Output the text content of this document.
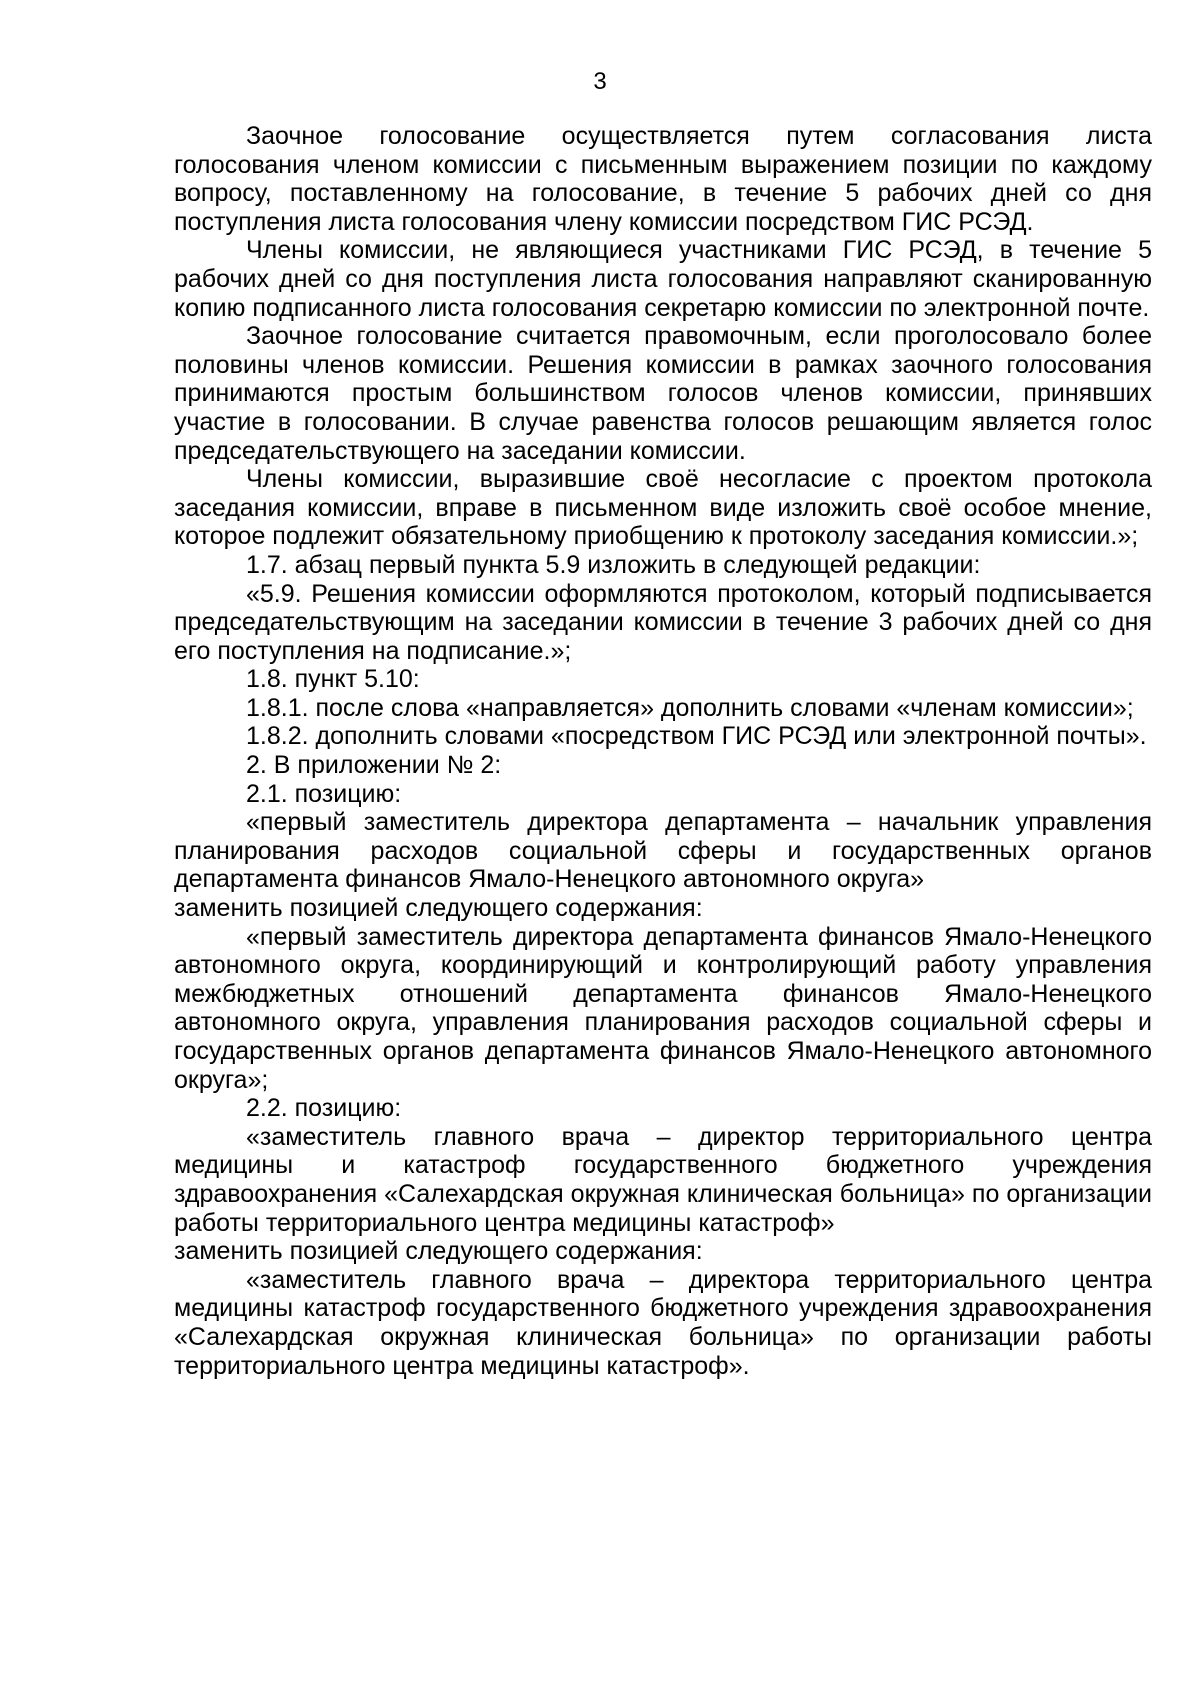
3

Заочное голосование осуществляется путем согласования листа голосования членом комиссии с письменным выражением позиции по каждому вопросу, поставленному на голосование, в течение 5 рабочих дней со дня поступления листа голосования члену комиссии посредством ГИС РСЭД.

Члены комиссии, не являющиеся участниками ГИС РСЭД, в течение 5 рабочих дней со дня поступления листа голосования направляют сканированную копию подписанного листа голосования секретарю комиссии по электронной почте.

Заочное голосование считается правомочным, если проголосовало более половины членов комиссии. Решения комиссии в рамках заочного голосования принимаются простым большинством голосов членов комиссии, принявших участие в голосовании. В случае равенства голосов решающим является голос председательствующего на заседании комиссии.

Члены комиссии, выразившие своё несогласие с проектом протокола заседания комиссии, вправе в письменном виде изложить своё особое мнение, которое подлежит обязательному приобщению к протоколу заседания комиссии.»;

1.7. абзац первый пункта 5.9 изложить в следующей редакции:

«5.9. Решения комиссии оформляются протоколом, который подписывается председательствующим на заседании комиссии в течение 3 рабочих дней со дня его поступления на подписание.»;

1.8. пункт 5.10:

1.8.1. после слова «направляется» дополнить словами «членам комиссии»;

1.8.2. дополнить словами «посредством ГИС РСЭД или электронной почты».

2. В приложении № 2:

2.1. позицию:

«первый заместитель директора департамента – начальник управления планирования расходов социальной сферы и государственных органов департамента финансов Ямало-Ненецкого автономного округа»

заменить позицией следующего содержания:

«первый заместитель директора департамента финансов Ямало-Ненецкого автономного округа, координирующий и контролирующий работу управления межбюджетных отношений департамента финансов Ямало-Ненецкого автономного округа, управления планирования расходов социальной сферы и государственных органов департамента финансов Ямало-Ненецкого автономного округа»;

2.2. позицию:

«заместитель главного врача – директор территориального центра медицины и катастроф государственного бюджетного учреждения здравоохранения «Салехардская окружная клиническая больница» по организации работы территориального центра медицины катастроф»

заменить позицией следующего содержания:

«заместитель главного врача – директора территориального центра медицины катастроф государственного бюджетного учреждения здравоохранения «Салехардская окружная клиническая больница» по организации работы территориального центра медицины катастроф».
